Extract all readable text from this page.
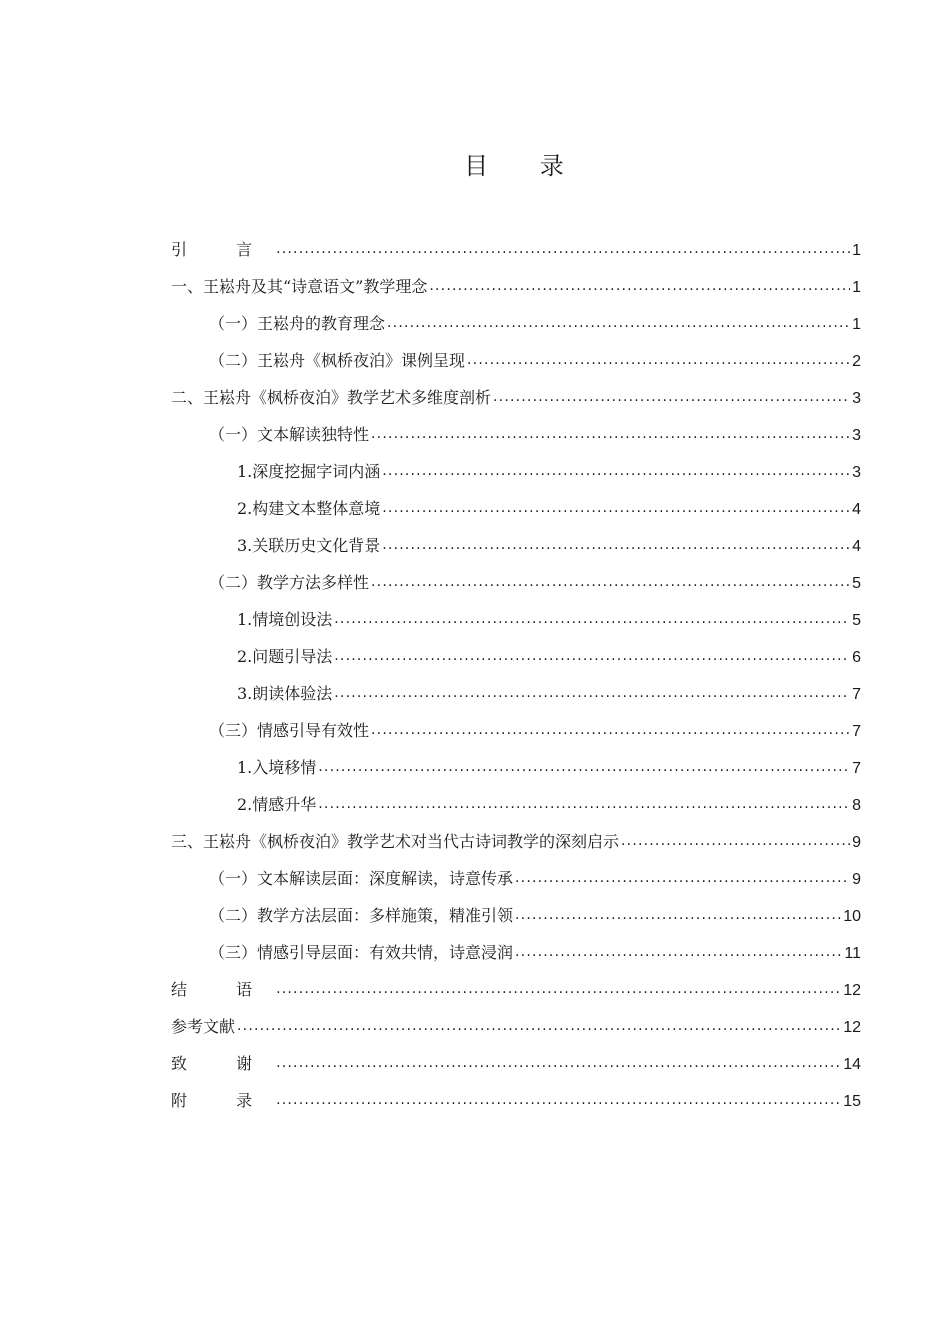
目 录
引 言 .....	1
一、王崧舟及其“诗意语文”教学理念 .....	1
（一）王崧舟的教育理念 .....	1
（二）王崧舟《枫桥夜泊》课例呈现 .....	2
二、王崧舟《枫桥夜泊》教学艺术多维度剖析 .....	3
（一）文本解读独特性 .....	3
1.深度挖掘字词内涵 .....	3
2.构建文本整体意境 .....	4
3.关联历史文化背景 .....	4
（二）教学方法多样性 .....	5
1.情境创设法 .....	5
2.问题引导法 .....	6
3.朗读体验法 .....	7
（三）情感引导有效性 .....	7
1.入境移情 .....	7
2.情感升华 .....	8
三、王崧舟《枫桥夜泊》教学艺术对当代古诗词教学的深刻启示 .....	9
（一）文本解读层面：深度解读，诗意传承 .....	9
（二）教学方法层面：多样施策，精准引领 .....	10
（三）情感引导层面：有效共情，诗意浸润 .....	11
结 语 .....	12
参考文献 .....	12
致 谢 .....	14
附 录 .....	15
